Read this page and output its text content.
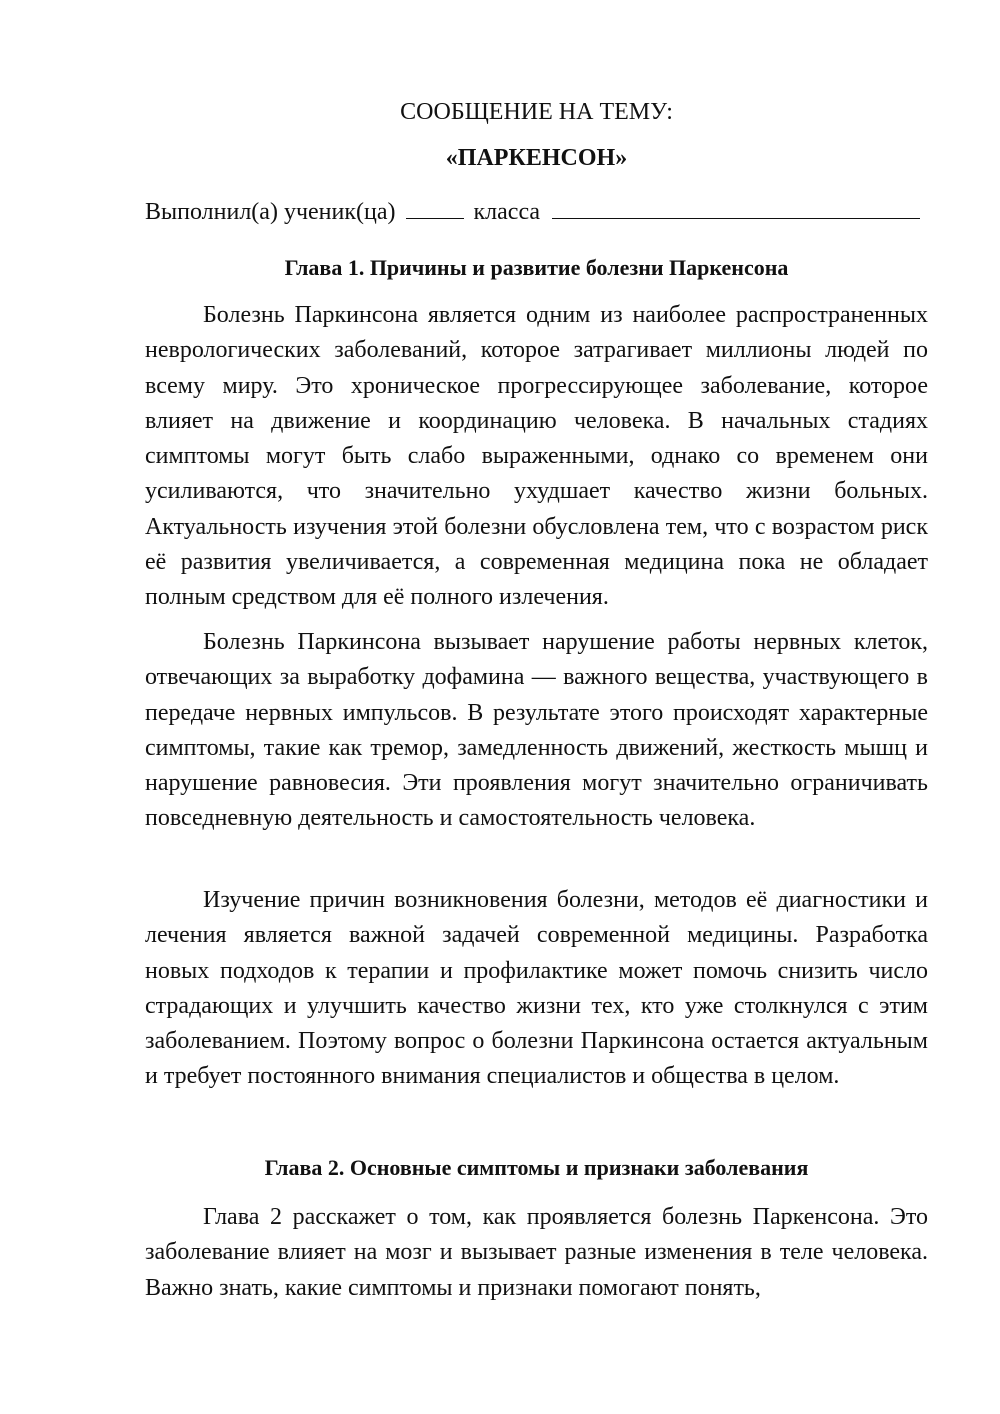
СООБЩЕНИЕ НА ТЕМУ:
«ПАРКЕНСОН»
Выполнил(а) ученик(ца)	класса
Глава 1. Причины и развитие болезни Паркенсона

Болезнь Паркинсона является одним из наиболее распространенных неврологических заболеваний, которое затрагивает миллионы людей по всему миру. Это хроническое прогрессирующее заболевание, которое влияет на движение и координацию человека. В начальных стадиях симптомы могут быть слабо выраженными, однако со временем они усиливаются, что значительно ухудшает качество жизни больных. Актуальность изучения этой болезни обусловлена тем, что с возрастом риск её развития увеличивается, а современная медицина пока не обладает полным средством для её полного излечения.

Болезнь Паркинсона вызывает нарушение работы нервных клеток, отвечающих за выработку дофамина — важного вещества, участвующего в передаче нервных импульсов. В результате этого происходят характерные симптомы, такие как тремор, замедленность движений, жесткость мышц и нарушение равновесия. Эти проявления могут значительно ограничивать повседневную деятельность и самостоятельность человека.

Изучение причин возникновения болезни, методов её диагностики и лечения является важной задачей современной медицины. Разработка новых подходов к терапии и профилактике может помочь снизить число страдающих и улучшить качество жизни тех, кто уже столкнулся с этим заболеванием. Поэтому вопрос о болезни Паркинсона остается актуальным и требует постоянного внимания специалистов и общества в целом.

Глава 2. Основные симптомы и признаки заболевания

Глава 2 расскажет о том, как проявляется болезнь Паркенсона. Это заболевание влияет на мозг и вызывает разные изменения в теле человека. Важно знать, какие симптомы и признаки помогают понять,
